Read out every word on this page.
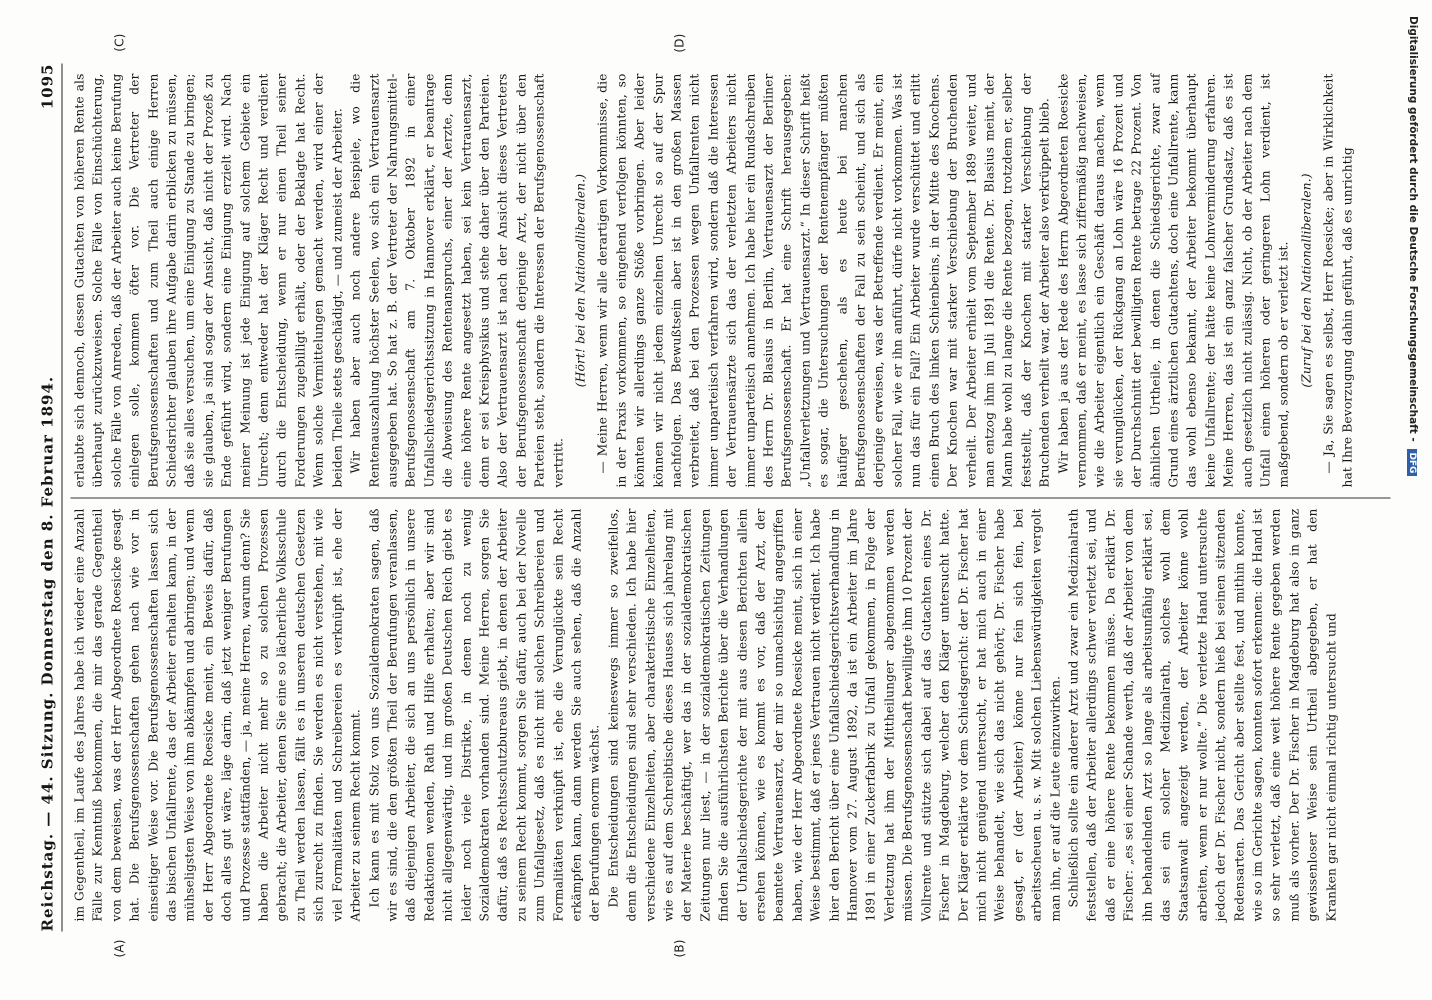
Reichstag. — 44. Sitzung. Donnerstag den 8. Februar 1894.
1095
(A)	(B)

im Gegentheil, im Laufe des Jahres habe ich wieder eine Anzahl Fälle zur Kenntniß bekommen, die mir das gerade Gegentheil von dem beweisen, was der Herr Abgeordnete Roesicke gesagt hat. Die Berufsgenossenschaften gehen nach wie vor in einseitiger Weise vor. Die Berufsgenossenschaften lassen sich das bischen Unfallrente, das der Arbeiter erhalten kann, in der mühseligsten Weise von ihm abkämpfen und abringen; und wenn der Herr Abgeordnete Roesicke meint, ein Beweis dafür, daß doch alles gut wäre, läge darin, daß jetzt weniger Berufungen und Prozesse stattfänden, — ja, meine Herren, warum denn? Sie haben die Arbeiter nicht mehr so zu solchen Prozessen gebracht; die Arbeiter, denen Sie eine so lächerliche Volksschule zu Theil werden lassen, fällt es in unseren deutschen Gesetzen sich zurecht zu finden. Sie werden es nicht verstehen, mit wie viel Formalitäten und Schreibereien es verknüpft ist, ehe der Arbeiter zu seinem Recht kommt. Ich kann es mit Stolz von uns Sozialdemokraten sagen, daß wir es sind, die den größten Theil der Berufungen veranlassen, daß diejenigen Arbeiter, die sich an uns persönlich in unsere Redaktionen wenden, Rath und Hilfe erhalten; aber wir sind nicht allgegenwärtig, und im großen Deutschen Reich giebt es leider noch viele Distrikte, in denen noch zu wenig Sozialdemokraten vorhanden sind. Meine Herren, sorgen Sie dafür, daß es Rechtsschutzbureaus giebt, in denen der Arbeiter zu seinem Recht kommt, sorgen Sie dafür, auch bei der Novelle zum Unfallgesetz, daß es nicht mit solchen Schreibereien und Formalitäten verknüpft ist, ehe die Verunglückte sein Recht erkämpfen kann, dann werden Sie auch sehen, daß die Anzahl der Berufungen enorm wächst. Die Entscheidungen sind keineswegs immer so zweifellos, denn die Entscheidungen sind sehr verschieden. Ich habe hier verschiedene Einzelheiten, aber charakteristische Einzelheiten, wie es auf dem Schreibtische dieses Hauses sich jahrelang mit der Materie beschäftigt, wer das in der sozialdemokratischen Zeitungen nur liest, — in der sozialdemokratischen Zeitungen finden Sie die ausführlichsten Berichte über die Verhandlungen der Unfallschiedsgerichte der mit aus diesen Berichten allein ersehen können, wie es kommt es vor, daß der Arzt, der beamtete Vertrauensarzt, der mir so unnachsichtig angegriffen haben, wie der Herr Abgeordnete Roesicke meint, sich in einer Weise bestimmt, daß er jenes Vertrauen nicht verdient. Ich habe hier den Bericht über eine Unfallschiedsgerichtsverhandlung in Hannover vom 27. August 1892, da ist ein Arbeiter im Jahre 1891 in einer Zuckerfabrik zu Unfall gekommen, in Folge der Verletzung hat ihm der Mittheilunger abgenommen werden müssen. Die Berufsgenossenschaft bewilligte ihm 10 Prozent der Vollrente und stützte sich dabei auf das Gutachten eines Dr. Fischer in Magdeburg, welcher den Kläger untersucht hatte. Der Kläger erklärte vor dem Schiedsgericht: der Dr. Fischer hat mich nicht genügend untersucht, er hat mich auch in einer Weise behandelt, wie sich das nicht gehört; Dr. Fischer habe gesagt, er (der Arbeiter) könne nur fein sich fein, bei arbeitsscheuen u. s. w. Mit solchen Liebenswürdigkeiten vergolt man ihn, er auf die Leute einzuwirken. Schließlich sollte ein anderer Arzt und zwar ein Medizinalrath feststellen, daß der Arbeiter allerdings schwer verletzt sei, und daß er eine höhere Rente bekommen müsse. Da erklärt Dr. Fischer: „es sei einer Schande werth, daß der Arbeiter von dem ihn behandelnden Arzt so lange als arbeitsunfähig erklärt sei, das sei ein solcher Medizinalrath, solches wohl dem Staatsanwalt angezeigt werden, der Arbeiter könne wohl arbeiten, wenn er nur wollte.“ Die verletzte Hand untersuchte jedoch der Dr. Fischer nicht, sondern hieß bei seinen sitzenden Redensarten. Das Gericht aber stellte fest, und mithin konnte, wie so im Gerichte sagen, konnten sofort erkennen: die Hand ist so sehr verletzt, daß eine weit höhere Rente gegeben werden muß als vorher. Der Dr. Fischer in Magdeburg hat also in ganz gewissenloser Weise sein Urtheil abgegeben, er hat den Kranken gar nicht einmal richtig untersucht und

(C)	(D)

erlaubte sich dennoch, dessen Gutachten von höheren Rente als überhaupt zurückzuweisen. Solche Fälle von Einschüchterung, solche Fälle von Anreden, daß der Arbeiter auch keine Berufung einlegen solle, kommen öfter vor. Die Vertreter der Berufsgenossenschaften und zum Theil auch einige Herren Schiedsrichter glauben ihre Aufgabe darin erblicken zu müssen, daß sie alles versuchen, um eine Einigung zu Stande zu bringen; sie glauben, ja sind sogar der Ansicht, daß nicht der Prozeß zu Ende geführt wird, sondern eine Einigung erzielt wird. Nach meiner Meinung ist jede Einigung auf solchem Gebiete ein Unrecht; denn entweder hat der Kläger Recht und verdient durch die Entscheidung, wenn er nur einen Theil seiner Forderungen zugebilligt erhält, oder der Beklagte hat Recht. Wenn solche Vermittelungen gemacht werden, wird einer der beiden Theile stets geschädigt, — und zumeist der Arbeiter. Wir haben aber auch noch andere Beispiele, wo die Rentenauszahlung höchster Seelen, wo sich ein Vertrauensarzt ausgegeben hat. So hat z. B. der Vertreter der Nahrungsmittel-Berufsgenossenschaft am 7. Oktober 1892 in einer Unfallschiedsgerichtssitzung in Hannover erklärt, er beantrage die Abweisung des Rentenanspruchs, einer der Aerzte, denn eine höhere Rente angesetzt haben, sei kein Vertrauensarzt, denn er sei Kreisphysikus und stehe daher über den Parteien. Also der Vertrauensarzt ist nach der Ansicht dieses Vertreters der Berufsgenossenschaft derjenige Arzt, der nicht über den Parteien steht, sondern die Interessen der Berufsgenossenschaft vertritt.

(Hört! bei den Nationalliberalen.) — Meine Herren, wenn wir alle derartigen Vorkommnisse, die in der Praxis vorkommen, so eingehend verfolgen könnten, so könnten wir allerdings ganze Stöße vorbringen. Aber leider können wir nicht jedem einzelnen Unrecht so auf der Spur nachfolgen. Das Bewußtsein aber ist in den großen Massen verbreitet, daß bei den Prozessen wegen Unfallrenten nicht immer unparteiisch verfahren wird, sondern daß die Interessen der Vertrauensärzte sich das der verletzten Arbeiters nicht immer unparteiisch annehmen. Ich habe hier ein Rundschreiben des Herrn Dr. Blasius in Berlin, Vertrauensarzt der Berliner Berufsgenossenschaft. Er hat eine Schrift herausgegeben: „Unfallverletzungen und Vertrauensarzt.“ In dieser Schrift heißt es sogar, die Untersuchungen der Rentenempfänger müßten häufiger geschehen, als es heute bei manchen Berufsgenossenschaften der Fall zu sein scheint, und sich als derjenige erweisen, was der Betreffende verdient. Er meint, ein solcher Fall, wie er ihn anführt, dürfe nicht vorkommen. Was ist nun das für ein Fall? Ein Arbeiter wurde verschüttet und erlitt einen Bruch des linken Schienbeins, in der Mitte des Knochens. Der Knochen war mit starker Verschiebung der Bruchenden verheilt. Der Arbeiter erhielt vom September 1889 weiter, und man entzog ihm im Juli 1891 die Rente. Dr. Blasius meint, der Mann habe wohl zu lange die Rente bezogen, trotzdem er, selber feststellt, daß der Knochen mit starker Verschiebung der Bruchenden verheilt war, der Arbeiter also verkrüppelt blieb. Wir haben ja aus der Rede des Herrn Abgeordneten Roesicke vernommen, daß er meint, es lasse sich ziffermäßig nachweisen, wie die Arbeiter eigentlich ein Geschäft daraus machen, wenn sie verunglücken, der Rückgang an Lohn wäre 16 Prozent und der Durchschnitt der bewilligten Rente betrage 22 Prozent. Von ähnlichen Urtheile, in denen die Schiedsgerichte, zwar auf Grund eines ärztlichen Gutachtens, doch eine Unfallrente, kann das wohl ebenso bekannt, der Arbeiter bekommt überhaupt keine Unfallrente; der hätte keine Lohnverminderung erfahren. Meine Herren, das ist ein ganz falscher Grundsatz, daß es ist auch gesetzlich nicht zulässig. Nicht, ob der Arbeiter nach dem Unfall einen höheren oder geringeren Lohn verdient, ist maßgebend, sondern ob er verletzt ist. (Zuruf bei den Nationalliberalen.) — Ja, Sie sagen es selbst, Herr Roesicke; aber in Wirklichkeit hat Ihre Bevorzugung dahin geführt, daß es unrichtig	Digitalisierung gefördert durch die Deutsche Forschungsgemeinschaft - DFG
